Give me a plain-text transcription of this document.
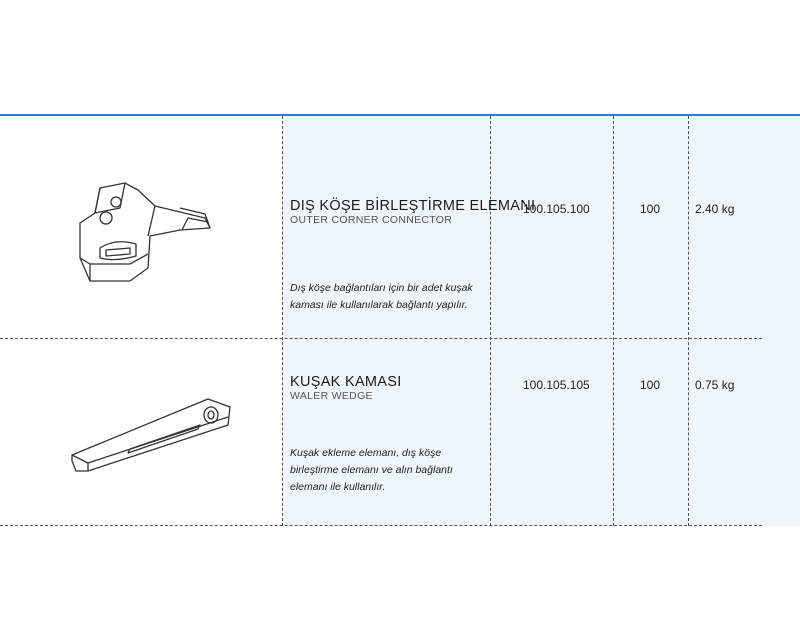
DIŞ KÖŞE BİRLEŞTİRME ELEMANI
OUTER CORNER CONNECTOR
Dış köşe bağlantıları için bir adet kuşak kaması ile kullanılarak bağlantı yapılır.
100.105.100	100	2.40 kg
KUŞAK KAMASI
WALER WEDGE
Kuşak ekleme elemanı, dış köşe birleştirme elemanı ve alın bağlantı elemanı ile kullanılır.
100.105.105	100	0.75 kg
